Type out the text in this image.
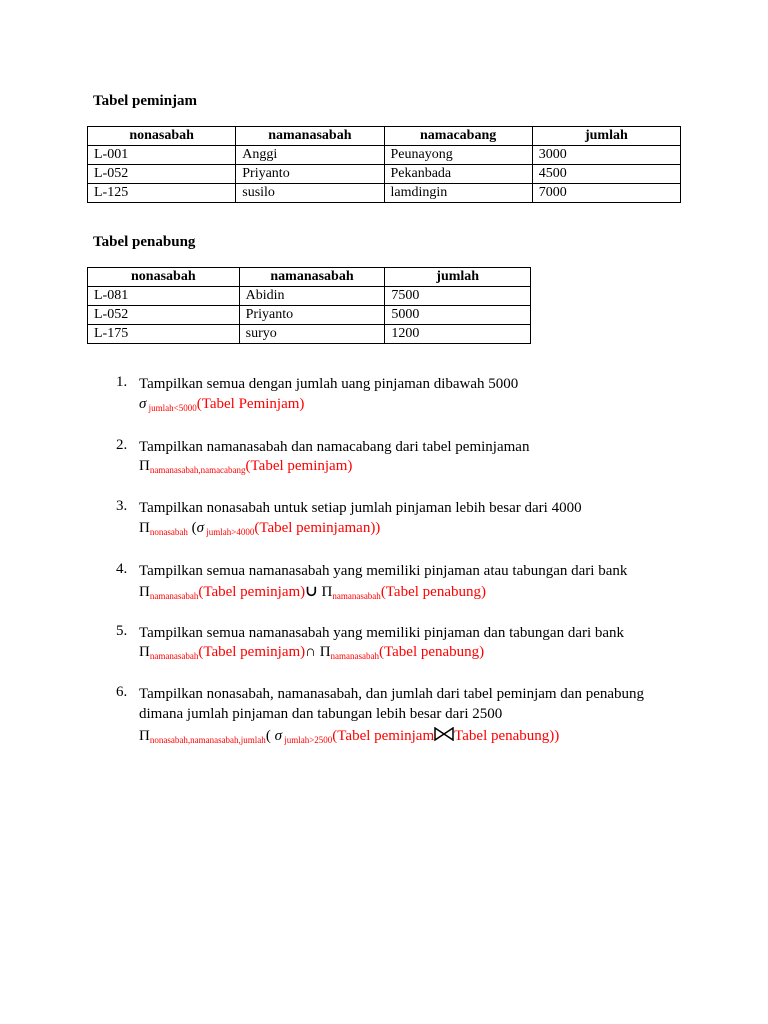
Tabel peminjam
nonasabah	namanasabah	namacabang	jumlah
L-001	Anggi	Peunayong	3000
L-052	Priyanto	Pekanbada	4500
L-125	susilo	lamdingin	7000
Tabel penabung
nonasabah	namanasabah	jumlah
L-081	Abidin	7500
L-052	Priyanto	5000
L-175	suryo	1200
1. Tampilkan semua dengan jumlah uang pinjaman dibawah 5000
σ $_{jumlah<5000}$(Tabel Peminjam)
2. Tampilkan namanasabah dan namacabang dari tabel peminjaman
$\Pi_{namanasabah,namacabang}(Tabel$ peminjam)
3. Tampilkan nonasabah untuk setiap jumlah pinjaman lebih besar dari 4000
$\Pi_{nonasabah}$ (σ $_{jumlah>4000}$(Tabel peminjaman))
4. Tampilkan semua namanasabah yang memiliki pinjaman atau tabungan dari bank
$\Pi_{namanasabah}(Tabel$ peminjam)∪ $\Pi_{namanasabah}(Tabel$ penabung)
5. Tampilkan semua namanasabah yang memiliki pinjaman dan tabungan dari bank
$\Pi_{namanasabah}(Tabel$ peminjam)∩ $\Pi_{namanasabah}(Tabel$ penabung)
6. Tampilkan nonasabah, namanasabah, dan jumlah dari tabel peminjam dan penabung dimana jumlah pinjaman dan tabungan lebih besar dari 2500
$\Pi_{nonasabah,namanasabah,jumlah}$( σ $_{jumlah>2500}$(Tabel peminjam Tabel penabung))
